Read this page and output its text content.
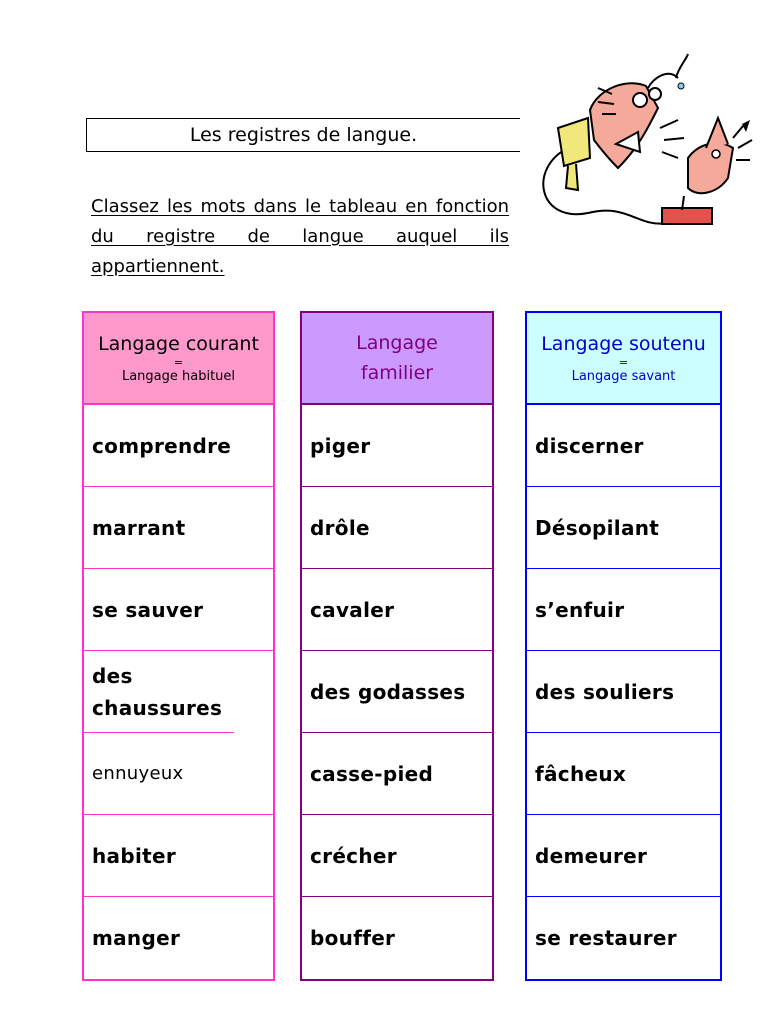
Les registres de langue.
Classez les mots dans le tableau en fonction du registre de langue auquel ils appartiennent.
Langage courant
=
Langage habituel
comprendre
marrant
se sauver
des chaussures
ennuyeux
habiter
manger
Langage
familier
piger
drôle
cavaler
des godasses
casse-pied
crécher
bouffer
Langage soutenu
=
Langage savant
discerner
Désopilant
s’enfuir
des souliers
fâcheux
demeurer
se restaurer
